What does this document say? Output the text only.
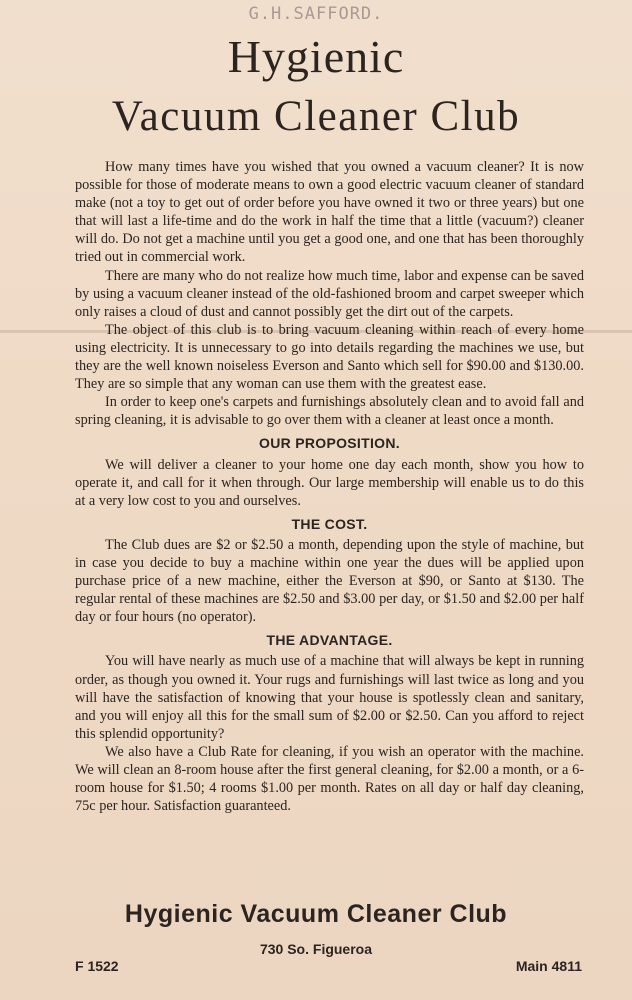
G.H.SAFFORD.
Hygienic
Vacuum Cleaner Club

How many times have you wished that you owned a vacuum cleaner? It is now possible for those of moderate means to own a good electric vacuum cleaner of standard make (not a toy to get out of order before you have owned it two or three years) but one that will last a life-time and do the work in half the time that a little (vacuum?) cleaner will do. Do not get a machine until you get a good one, and one that has been thoroughly tried out in commercial work.

There are many who do not realize how much time, labor and expense can be saved by using a vacuum cleaner instead of the old-fashioned broom and carpet sweeper which only raises a cloud of dust and cannot possibly get the dirt out of the carpets.

The object of this club is to bring vacuum cleaning within reach of every home using electricity. It is unnecessary to go into details regarding the machines we use, but they are the well known noiseless Everson and Santo which sell for $90.00 and $130.00. They are so simple that any woman can use them with the greatest ease.

In order to keep one's carpets and furnishings absolutely clean and to avoid fall and spring cleaning, it is advisable to go over them with a cleaner at least once a month.

OUR PROPOSITION.

We will deliver a cleaner to your home one day each month, show you how to operate it, and call for it when through. Our large membership will enable us to do this at a very low cost to you and ourselves.

THE COST.

The Club dues are $2 or $2.50 a month, depending upon the style of machine, but in case you decide to buy a machine within one year the dues will be applied upon purchase price of a new machine, either the Everson at $90, or Santo at $130. The regular rental of these machines are $2.50 and $3.00 per day, or $1.50 and $2.00 per half day or four hours (no operator).

THE ADVANTAGE.

You will have nearly as much use of a machine that will always be kept in running order, as though you owned it. Your rugs and furnishings will last twice as long and you will have the satisfaction of knowing that your house is spotlessly clean and sanitary, and you will enjoy all this for the small sum of $2.00 or $2.50. Can you afford to reject this splendid opportunity?

We also have a Club Rate for cleaning, if you wish an operator with the machine. We will clean an 8-room house after the first general cleaning, for $2.00 a month, or a 6-room house for $1.50; 4 rooms $1.00 per month. Rates on all day or half day cleaning, 75c per hour. Satisfaction guaranteed.

Hygienic Vacuum Cleaner Club
730 So. Figueroa
F 1522	Main 4811
